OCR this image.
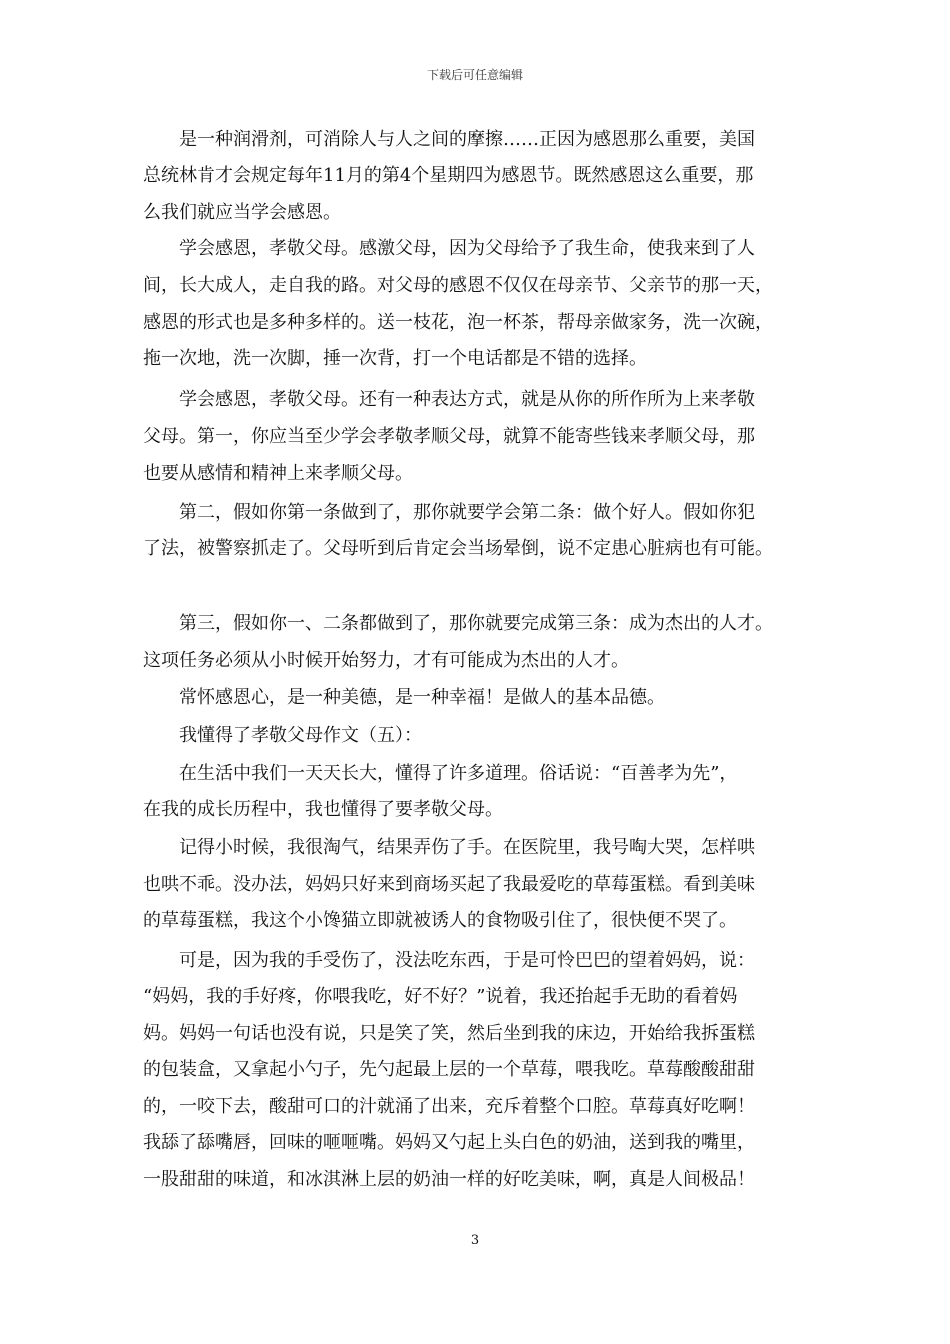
下载后可任意编辑
　　是一种润滑剂，可消除人与人之间的摩擦……正因为感恩那么重要，美国
总统林肯才会规定每年11月的第4个星期四为感恩节。既然感恩这么重要，那
么我们就应当学会感恩。
　　学会感恩，孝敬父母。感激父母，因为父母给予了我生命，使我来到了人
间，长大成人，走自我的路。对父母的感恩不仅仅在母亲节、父亲节的那一天，
感恩的形式也是多种多样的。送一枝花，泡一杯茶，帮母亲做家务，洗一次碗，
拖一次地，洗一次脚，捶一次背，打一个电话都是不错的选择。
　　学会感恩，孝敬父母。还有一种表达方式，就是从你的所作所为上来孝敬
父母。第一，你应当至少学会孝敬孝顺父母，就算不能寄些钱来孝顺父母，那
也要从感情和精神上来孝顺父母。
　　第二，假如你第一条做到了，那你就要学会第二条：做个好人。假如你犯
了法，被警察抓走了。父母听到后肯定会当场晕倒，说不定患心脏病也有可能。
　　第三，假如你一、二条都做到了，那你就要完成第三条：成为杰出的人才。
这项任务必须从小时候开始努力，才有可能成为杰出的人才。
　　常怀感恩心，是一种美德，是一种幸福！是做人的基本品德。
　　我懂得了孝敬父母作文（五）：
　　在生活中我们一天天长大，懂得了许多道理。俗话说：“百善孝为先”，
在我的成长历程中，我也懂得了要孝敬父母。
　　记得小时候，我很淘气，结果弄伤了手。在医院里，我号啕大哭，怎样哄
也哄不乖。没办法，妈妈只好来到商场买起了我最爱吃的草莓蛋糕。看到美味
的草莓蛋糕，我这个小馋猫立即就被诱人的食物吸引住了，很快便不哭了。
　　可是，因为我的手受伤了，没法吃东西，于是可怜巴巴的望着妈妈，说：
“妈妈，我的手好疼，你喂我吃，好不好？”说着，我还抬起手无助的看着妈
妈。妈妈一句话也没有说，只是笑了笑，然后坐到我的床边，开始给我拆蛋糕
的包装盒，又拿起小勺子，先勺起最上层的一个草莓，喂我吃。草莓酸酸甜甜
的，一咬下去，酸甜可口的汁就涌了出来，充斥着整个口腔。草莓真好吃啊！
我舔了舔嘴唇，回味的咂咂嘴。妈妈又勺起上头白色的奶油，送到我的嘴里，
一股甜甜的味道，和冰淇淋上层的奶油一样的好吃美味，啊，真是人间极品！
3
